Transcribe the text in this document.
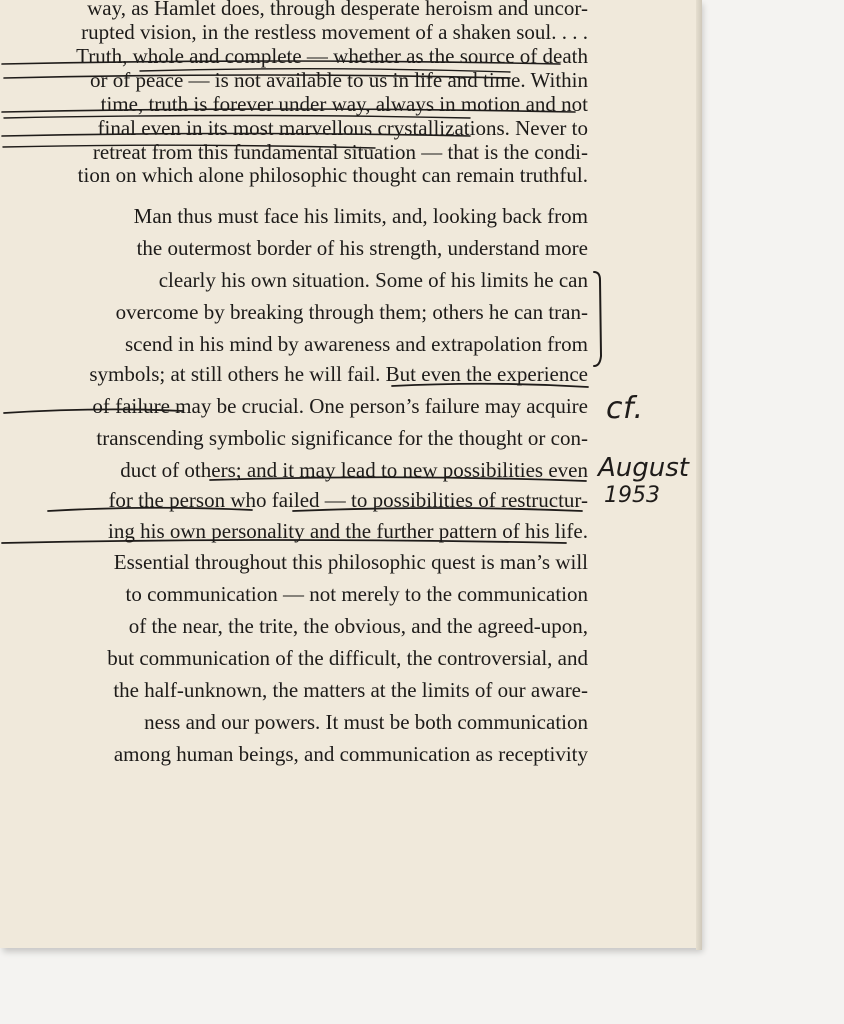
way, as Hamlet does, through desperate heroism and uncor-
rupted vision, in the restless movement of a shaken soul. . . .
Truth, whole and complete — whether as the source of death
or of peace — is not available to us in life and time. Within
time, truth is forever under way, always in motion and not
final even in its most marvellous crystallizations. Never to
retreat from this fundamental situation — that is the condi-
tion on which alone philosophic thought can remain truthful.
Man thus must face his limits, and, looking back from
the outermost border of his strength, understand more
clearly his own situation. Some of his limits he can
overcome by breaking through them; others he can tran-
scend in his mind by awareness and extrapolation from
symbols; at still others he will fail. But even the experience
of failure may be crucial. One person’s failure may acquire
transcending symbolic significance for the thought or con-
duct of others; and it may lead to new possibilities even
for the person who failed — to possibilities of restructur-
ing his own personality and the further pattern of his life.
Essential throughout this philosophic quest is man’s will
to communication — not merely to the communication
of the near, the trite, the obvious, and the agreed-upon,
but communication of the difficult, the controversial, and
the half-unknown, the matters at the limits of our aware-
ness and our powers. It must be both communication
among human beings, and communication as receptivity
cf.
August
1953
